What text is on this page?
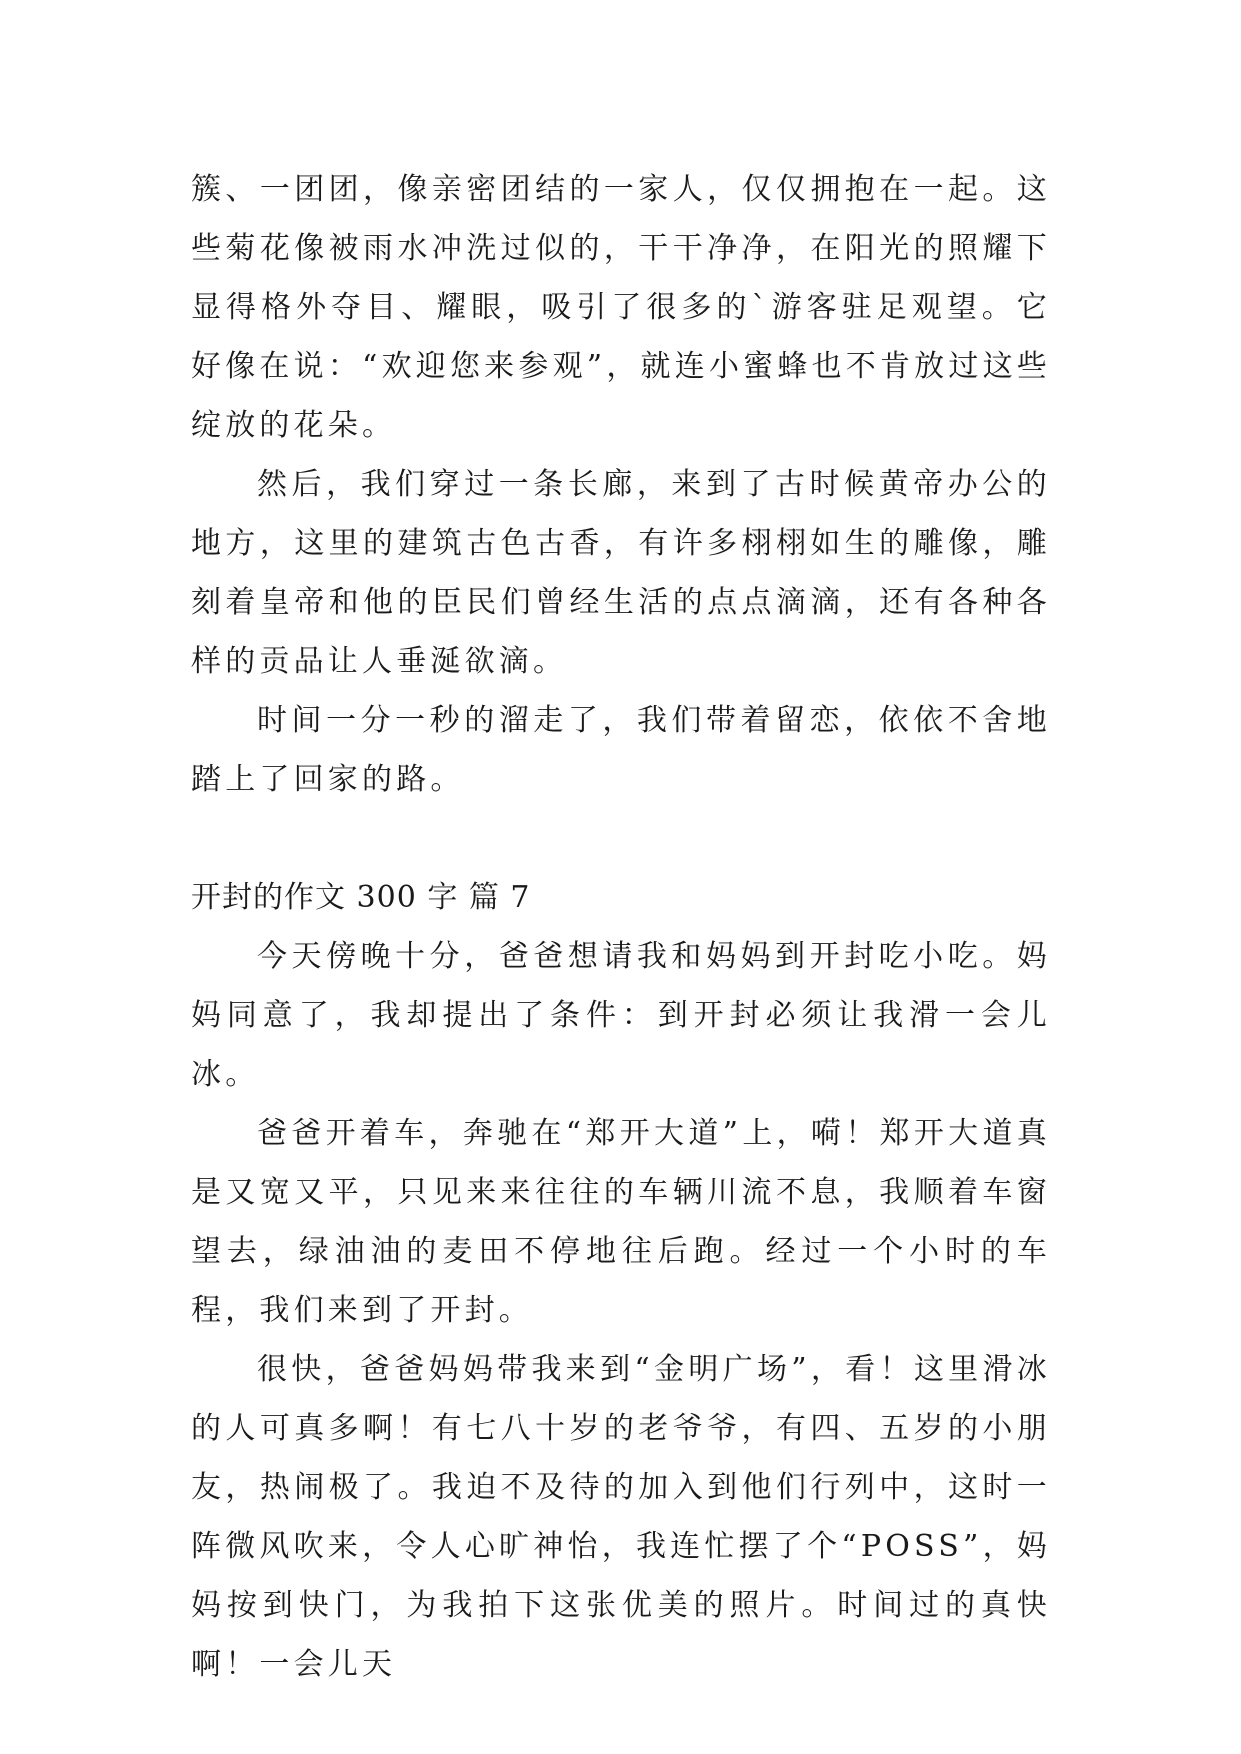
簇、一团团，像亲密团结的一家人，仅仅拥抱在一起。这些菊花像被雨水冲洗过似的，干干净净，在阳光的照耀下显得格外夺目、耀眼，吸引了很多的`游客驻足观望。它好像在说：“欢迎您来参观”，就连小蜜蜂也不肯放过这些绽放的花朵。

然后，我们穿过一条长廊，来到了古时候黄帝办公的地方，这里的建筑古色古香，有许多栩栩如生的雕像，雕刻着皇帝和他的臣民们曾经生活的点点滴滴，还有各种各样的贡品让人垂涎欲滴。

时间一分一秒的溜走了，我们带着留恋，依依不舍地踏上了回家的路。

开封的作文 300 字 篇 7

今天傍晚十分，爸爸想请我和妈妈到开封吃小吃。妈妈同意了，我却提出了条件：到开封必须让我滑一会儿冰。

爸爸开着车，奔驰在“郑开大道”上，嗬！郑开大道真是又宽又平，只见来来往往的车辆川流不息，我顺着车窗望去，绿油油的麦田不停地往后跑。经过一个小时的车程，我们来到了开封。

很快，爸爸妈妈带我来到“金明广场”，看！这里滑冰的人可真多啊！有七八十岁的老爷爷，有四、五岁的小朋友，热闹极了。我迫不及待的加入到他们行列中，这时一阵微风吹来，令人心旷神怡，我连忙摆了个“POSS”，妈妈按到快门，为我拍下这张优美的照片。时间过的真快啊！一会儿天
